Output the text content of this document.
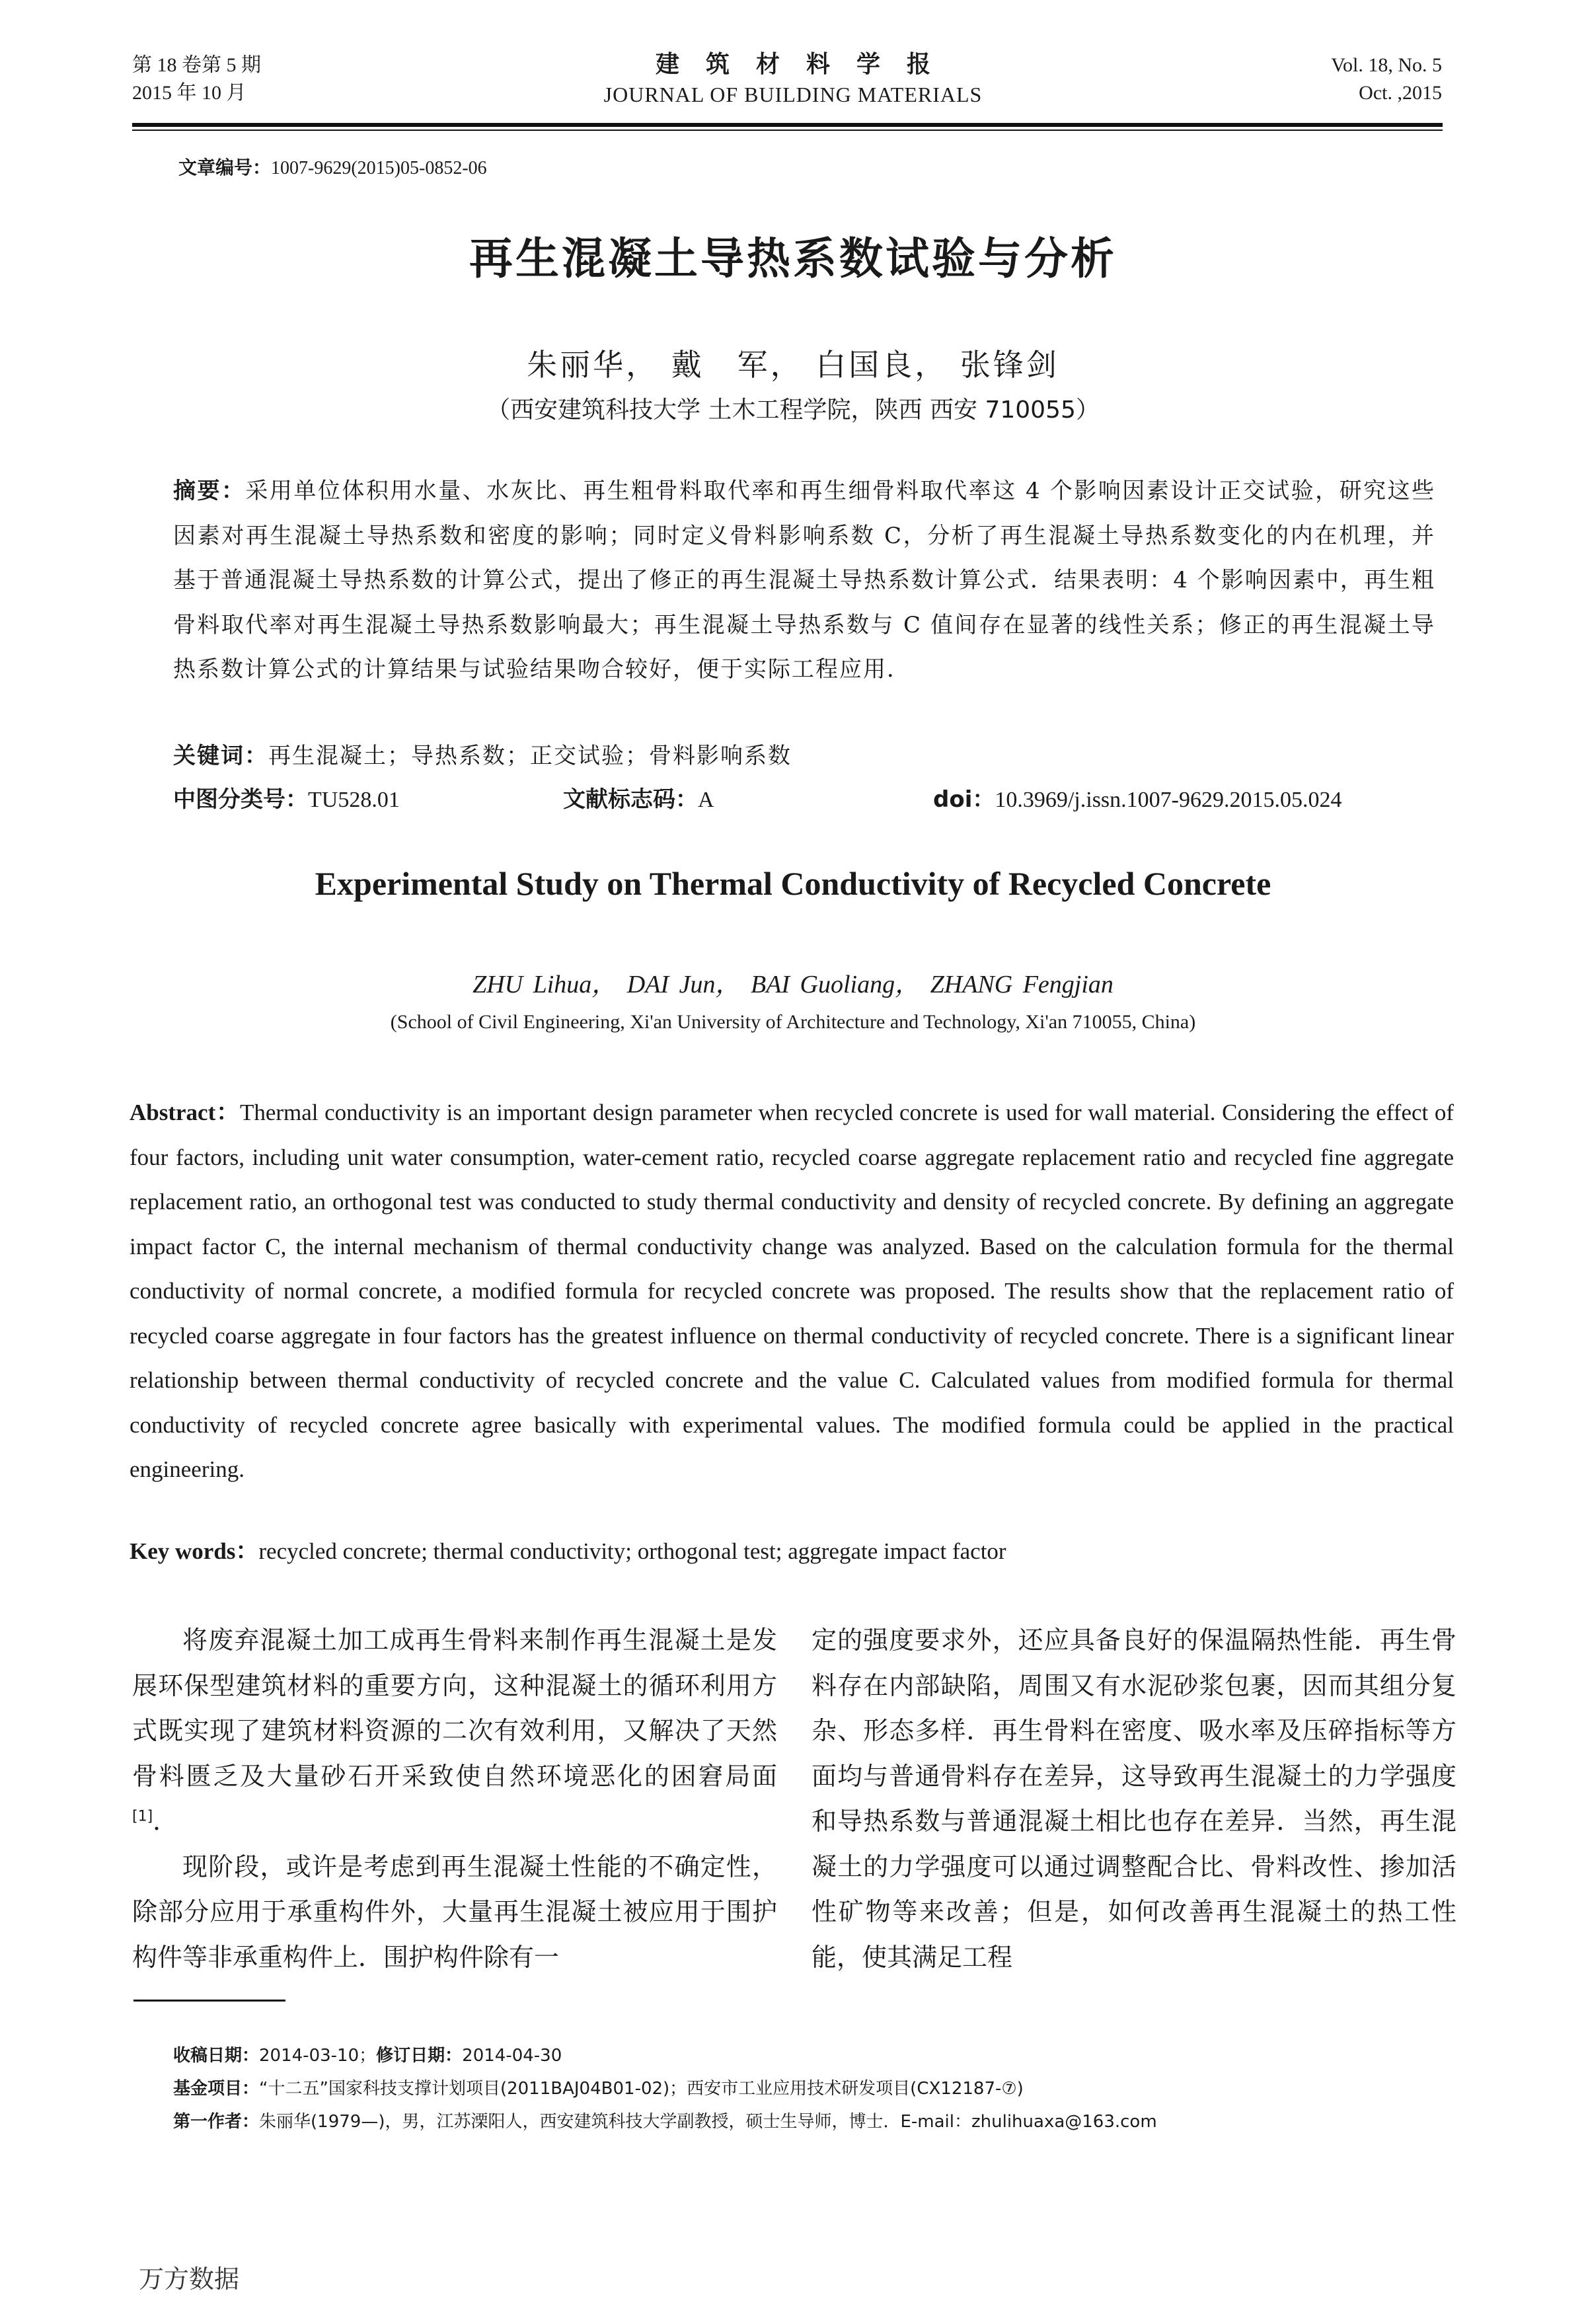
第 18 卷第 5 期
2015 年 10 月
建筑材料学报
JOURNAL OF BUILDING MATERIALS
Vol. 18, No. 5
Oct. ,2015
文章编号：1007-9629(2015)05-0852-06
再生混凝土导热系数试验与分析
朱丽华， 戴　军， 白国良， 张锋剑
（西安建筑科技大学 土木工程学院，陕西 西安 710055）
摘要：采用单位体积用水量、水灰比、再生粗骨料取代率和再生细骨料取代率这 4 个影响因素设计正交试验，研究这些因素对再生混凝土导热系数和密度的影响；同时定义骨料影响系数 C，分析了再生混凝土导热系数变化的内在机理，并基于普通混凝土导热系数的计算公式，提出了修正的再生混凝土导热系数计算公式．结果表明：4 个影响因素中，再生粗骨料取代率对再生混凝土导热系数影响最大；再生混凝土导热系数与 C 值间存在显著的线性关系；修正的再生混凝土导热系数计算公式的计算结果与试验结果吻合较好，便于实际工程应用．
关键词：再生混凝土；导热系数；正交试验；骨料影响系数
中图分类号：TU528.01	文献标志码：A	doi：10.3969/j.issn.1007-9629.2015.05.024
Experimental Study on Thermal Conductivity of Recycled Concrete
ZHU Lihua， DAI Jun， BAI Guoliang， ZHANG Fengjian
(School of Civil Engineering, Xi'an University of Architecture and Technology, Xi'an 710055, China)
Abstract：Thermal conductivity is an important design parameter when recycled concrete is used for wall material. Considering the effect of four factors, including unit water consumption, water-cement ratio, recycled coarse aggregate replacement ratio and recycled fine aggregate replacement ratio, an orthogonal test was conducted to study thermal conductivity and density of recycled concrete. By defining an aggregate impact factor C, the internal mechanism of thermal conductivity change was analyzed. Based on the calculation formula for the thermal conductivity of normal concrete, a modified formula for recycled concrete was proposed. The results show that the replacement ratio of recycled coarse aggregate in four factors has the greatest influence on thermal conductivity of recycled concrete. There is a significant linear relationship between thermal conductivity of recycled concrete and the value C. Calculated values from modified formula for thermal conductivity of recycled concrete agree basically with experimental values. The modified formula could be applied in the practical engineering.
Key words：recycled concrete; thermal conductivity; orthogonal test; aggregate impact factor

将废弃混凝土加工成再生骨料来制作再生混凝土是发展环保型建筑材料的重要方向，这种混凝土的循环利用方式既实现了建筑材料资源的二次有效利用，又解决了天然骨料匮乏及大量砂石开采致使自然环境恶化的困窘局面[1]．

现阶段，或许是考虑到再生混凝土性能的不确定性，除部分应用于承重构件外，大量再生混凝土被应用于围护构件等非承重构件上．围护构件除有一

定的强度要求外，还应具备良好的保温隔热性能．再生骨料存在内部缺陷，周围又有水泥砂浆包裹，因而其组分复杂、形态多样．再生骨料在密度、吸水率及压碎指标等方面均与普通骨料存在差异，这导致再生混凝土的力学强度和导热系数与普通混凝土相比也存在差异．当然，再生混凝土的力学强度可以通过调整配合比、骨料改性、掺加活性矿物等来改善；但是，如何改善再生混凝土的热工性能，使其满足工程

收稿日期：2014-03-10；修订日期：2014-04-30
基金项目：“十二五”国家科技支撑计划项目(2011BAJ04B01-02)；西安市工业应用技术研发项目(CX12187-⑦)
第一作者：朱丽华(1979—)，男，江苏溧阳人，西安建筑科技大学副教授，硕士生导师，博士．E-mail：zhulihuaxa@163.com
万方数据
